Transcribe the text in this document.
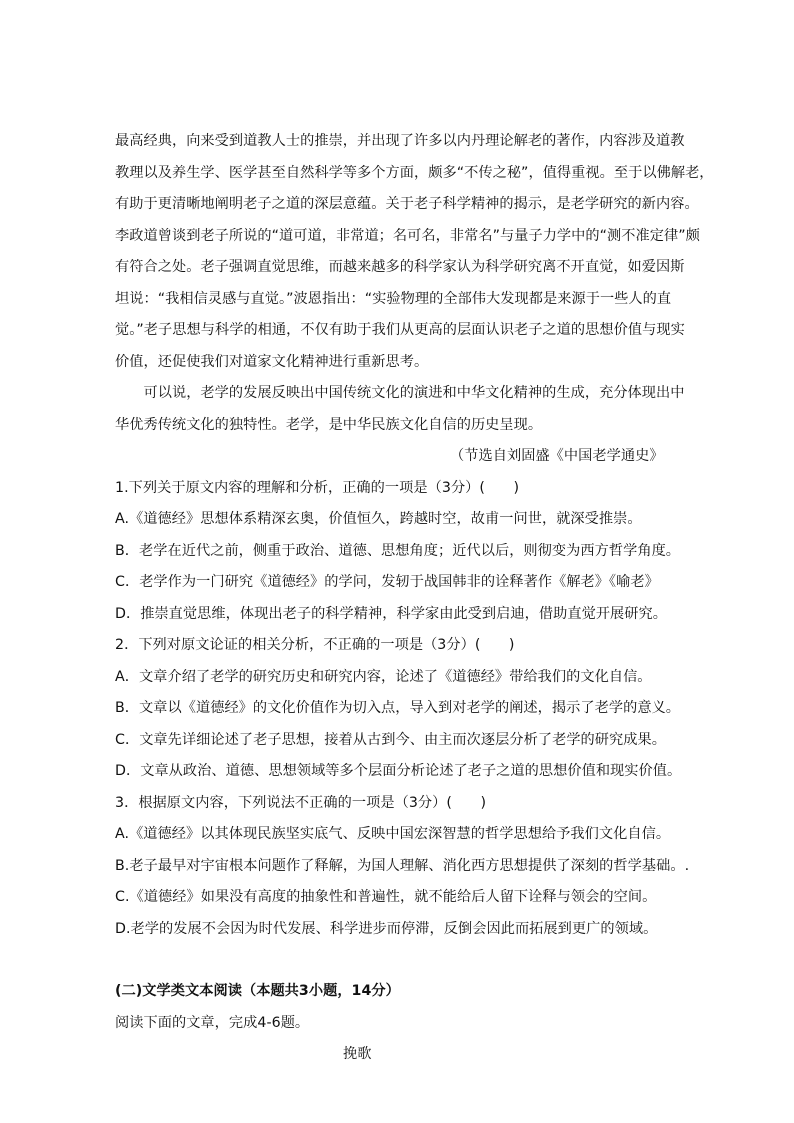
最高经典，向来受到道教人士的推崇，并出现了许多以内丹理论解老的著作，内容涉及道教
教理以及养生学、医学甚至自然科学等多个方面，颇多“不传之秘”，值得重视。至于以佛解老，
有助于更清晰地阐明老子之道的深层意蕴。关于老子科学精神的揭示，是老学研究的新内容。
李政道曾谈到老子所说的“道可道，非常道；名可名，非常名”与量子力学中的“测不准定律”颇
有符合之处。老子强调直觉思维，而越来越多的科学家认为科学研究离不开直觉，如爱因斯
坦说：“我相信灵感与直觉。”波恩指出：“实验物理的全部伟大发现都是来源于一些人的直
觉。”老子思想与科学的相通，不仅有助于我们从更高的层面认识老子之道的思想价值与现实
价值，还促使我们对道家文化精神进行重新思考。
　　可以说，老学的发展反映出中国传统文化的演进和中华文化精神的生成，充分体现出中
华优秀传统文化的独特性。老学，是中华民族文化自信的历史呈现。
（节选自刘固盛《中国老学通史》
1.下列关于原文内容的理解和分析，正确的一项是（3分）(　　)
A.《道德经》思想体系精深玄奥，价值恒久，跨越时空，故甫一问世，就深受推崇。
B．老学在近代之前，侧重于政治、道德、思想角度；近代以后，则彻变为西方哲学角度。
C．老学作为一门研究《道德经》的学问，发轫于战国韩非的诠释著作《解老》《喻老》
D．推崇直觉思维，体现出老子的科学精神，科学家由此受到启迪，借助直觉开展研究。
2．下列对原文论证的相关分析，不正确的一项是（3分）(　　)
A．文章介绍了老学的研究历史和研究内容，论述了《道德经》带给我们的文化自信。
B．文章以《道德经》的文化价值作为切入点，导入到对老学的阐述，揭示了老学的意义。
C．文章先详细论述了老子思想，接着从古到今、由主而次逐层分析了老学的研究成果。
D．文章从政治、道德、思想领域等多个层面分析论述了老子之道的思想价值和现实价值。
3．根据原文内容，下列说法不正确的一项是（3分）(　　)
A.《道德经》以其体现民族坚实底气、反映中国宏深智慧的哲学思想给予我们文化自信。
B.老子最早对宇宙根本问题作了释解，为国人理解、消化西方思想提供了深刻的哲学基础。.
C.《道德经》如果没有高度的抽象性和普遍性，就不能给后人留下诠释与领会的空间。
D.老学的发展不会因为时代发展、科学进步而停滞，反倒会因此而拓展到更广的领域。
(二)文学类文本阅读（本题共3小题，14分）
阅读下面的文章，完成4-6题。
挽歌
